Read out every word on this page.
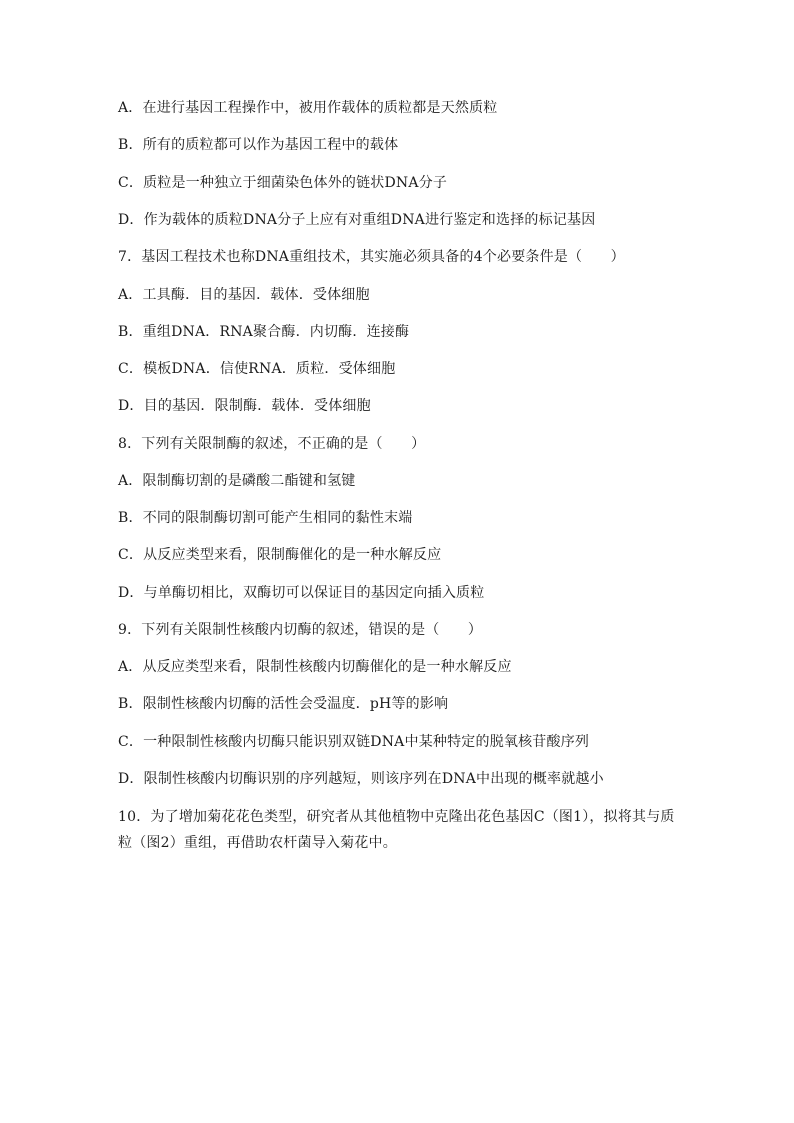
A．在进行基因工程操作中，被用作载体的质粒都是天然质粒
B．所有的质粒都可以作为基因工程中的载体
C．质粒是一种独立于细菌染色体外的链状DNA分子
D．作为载体的质粒DNA分子上应有对重组DNA进行鉴定和选择的标记基因
7．基因工程技术也称DNA重组技术，其实施必须具备的4个必要条件是（　　）
A．工具酶．目的基因．载体．受体细胞
B．重组DNA．RNA聚合酶．内切酶．连接酶
C．模板DNA．信使RNA．质粒．受体细胞
D．目的基因．限制酶．载体．受体细胞
8．下列有关限制酶的叙述，不正确的是（　　）
A．限制酶切割的是磷酸二酯键和氢键
B．不同的限制酶切割可能产生相同的黏性末端
C．从反应类型来看，限制酶催化的是一种水解反应
D．与单酶切相比，双酶切可以保证目的基因定向插入质粒
9．下列有关限制性核酸内切酶的叙述，错误的是（　　）
A．从反应类型来看，限制性核酸内切酶催化的是一种水解反应
B．限制性核酸内切酶的活性会受温度．pH等的影响
C．一种限制性核酸内切酶只能识别双链DNA中某种特定的脱氧核苷酸序列
D．限制性核酸内切酶识别的序列越短，则该序列在DNA中出现的概率就越小
10．为了增加菊花花色类型，研究者从其他植物中克隆出花色基因C（图1），拟将其与质粒（图2）重组，再借助农杆菌导入菊花中。
